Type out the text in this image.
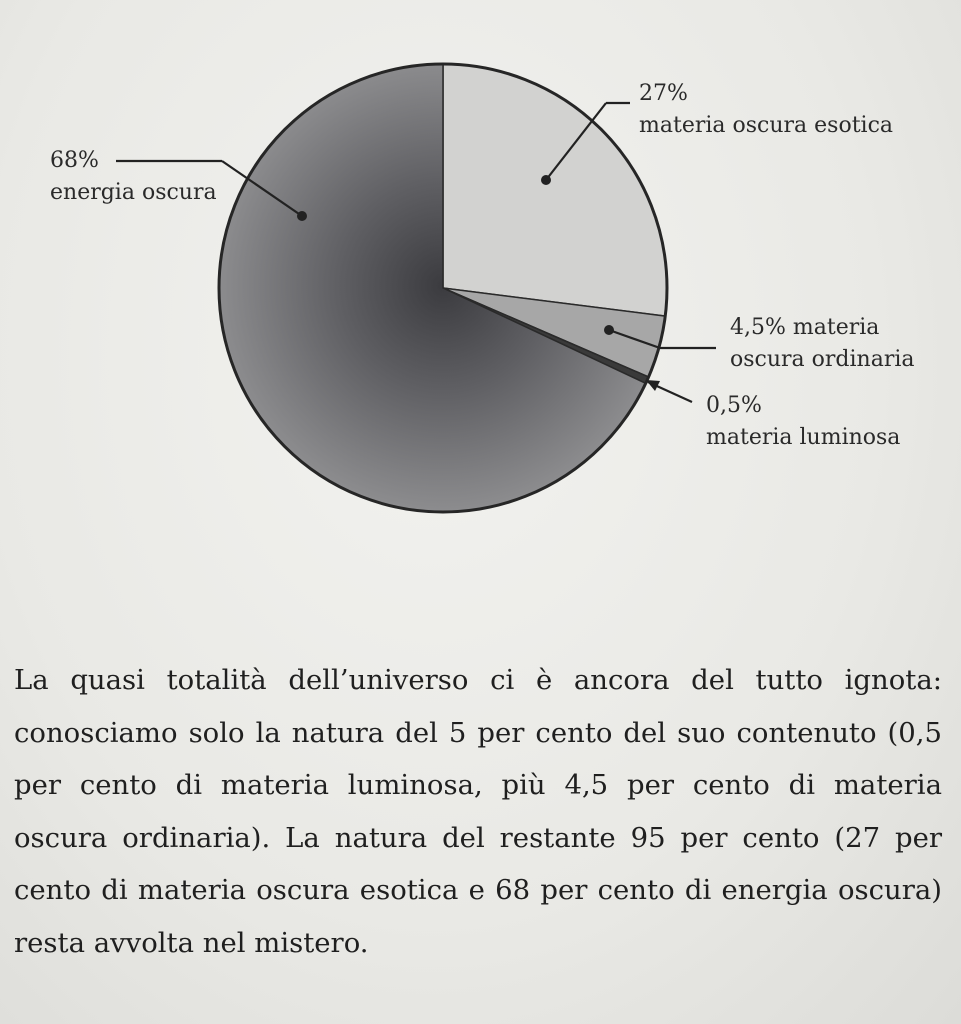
27%
materia oscura esotica
4,5% materia
oscura ordinaria
0,5%
materia luminosa
68%
energia oscura

La quasi totalità dell’universo ci è ancora del tutto ignota: conosciamo solo la natura del 5 per cento del suo contenuto (0,5 per cento di materia luminosa, più 4,5 per cento di materia oscura ordinaria). La natura del restante 95 per cento (27 per cento di materia oscura esotica e 68 per cento di energia oscura) resta avvolta nel mistero.
